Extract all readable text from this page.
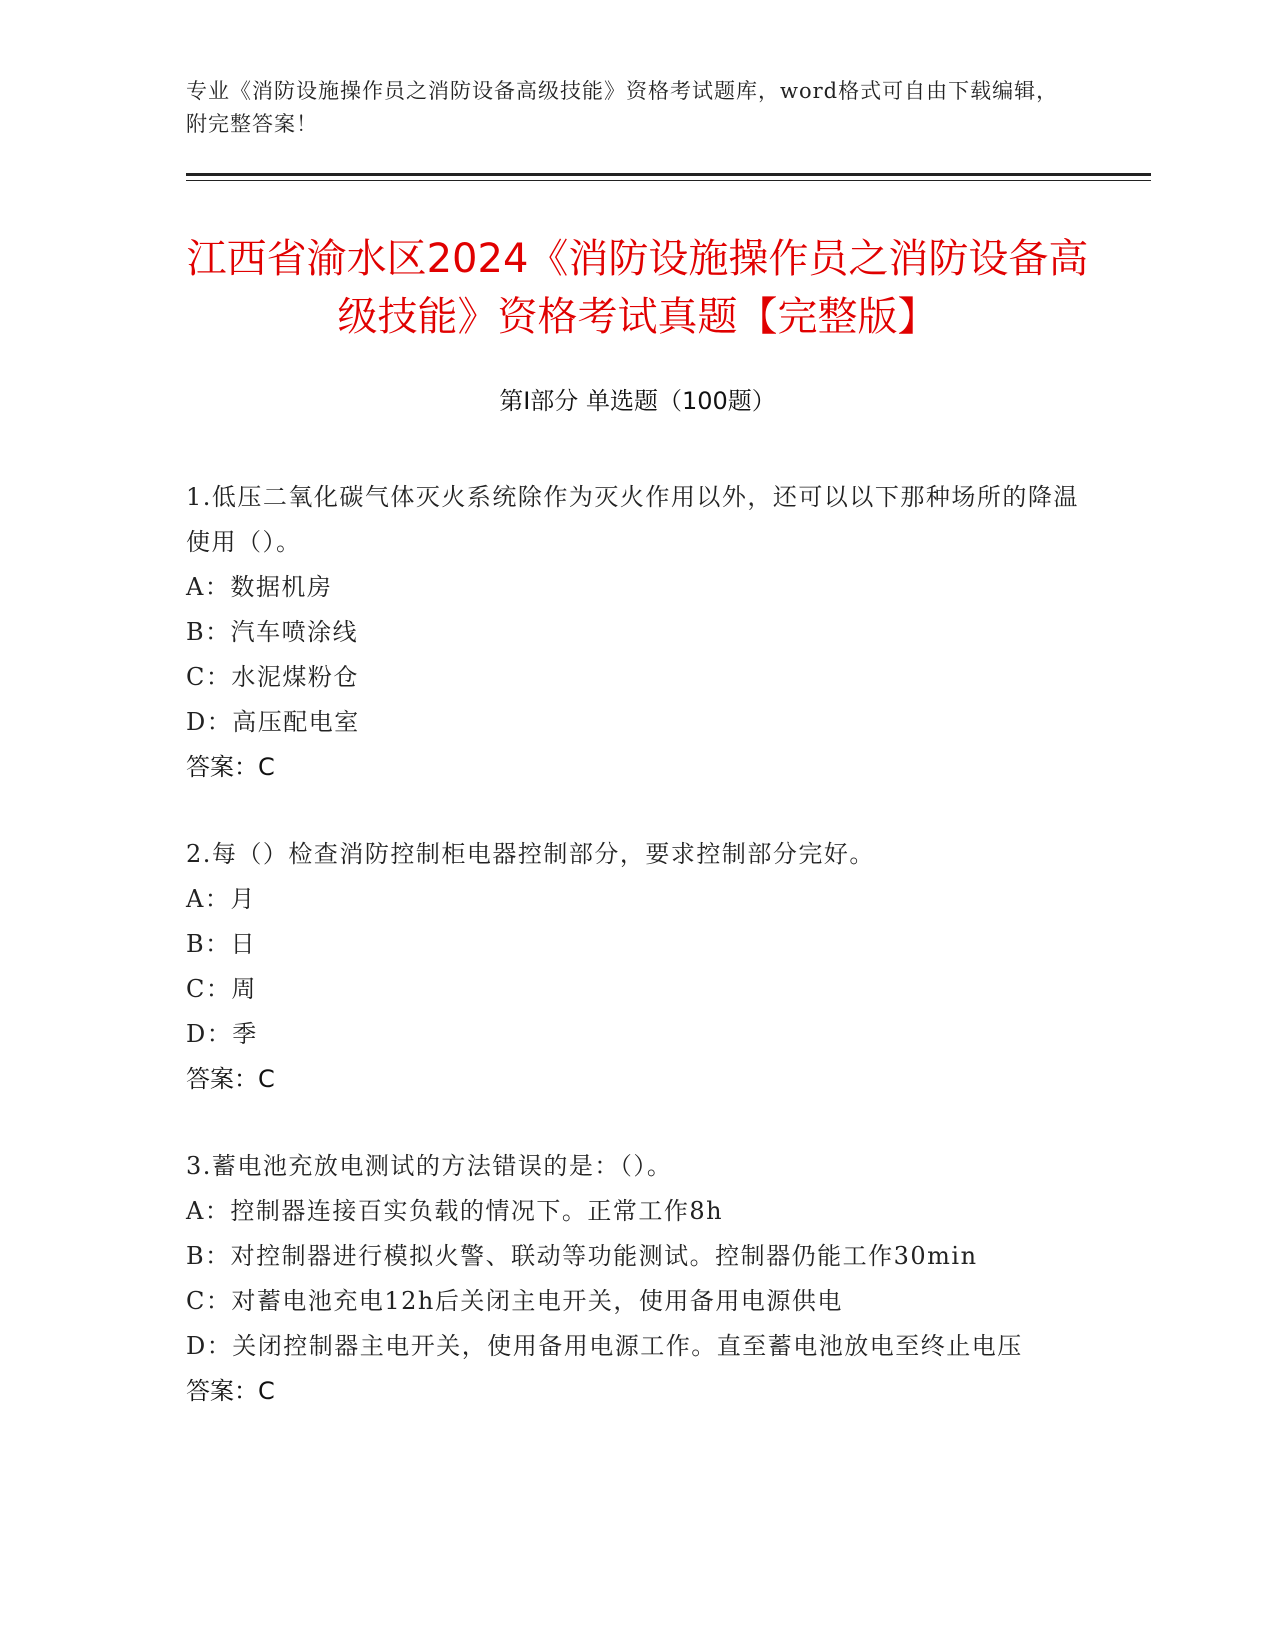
专业《消防设施操作员之消防设备高级技能》资格考试题库，word格式可自由下载编辑，附完整答案！
江西省渝水区2024《消防设施操作员之消防设备高级技能》资格考试真题【完整版】
第Ⅰ部分 单选题（100题）
1.低压二氧化碳气体灭火系统除作为灭火作用以外，还可以以下那种场所的降温使用（）。
A：数据机房
B：汽车喷涂线
C：水泥煤粉仓
D：高压配电室
答案：C
2.每（）检查消防控制柜电器控制部分，要求控制部分完好。
A：月
B：日
C：周
D：季
答案：C
3.蓄电池充放电测试的方法错误的是：（）。
A：控制器连接百实负载的情况下。正常工作8h
B：对控制器进行模拟火警、联动等功能测试。控制器仍能工作30min
C：对蓄电池充电12h后关闭主电开关，使用备用电源供电
D：关闭控制器主电开关，使用备用电源工作。直至蓄电池放电至终止电压
答案：C
